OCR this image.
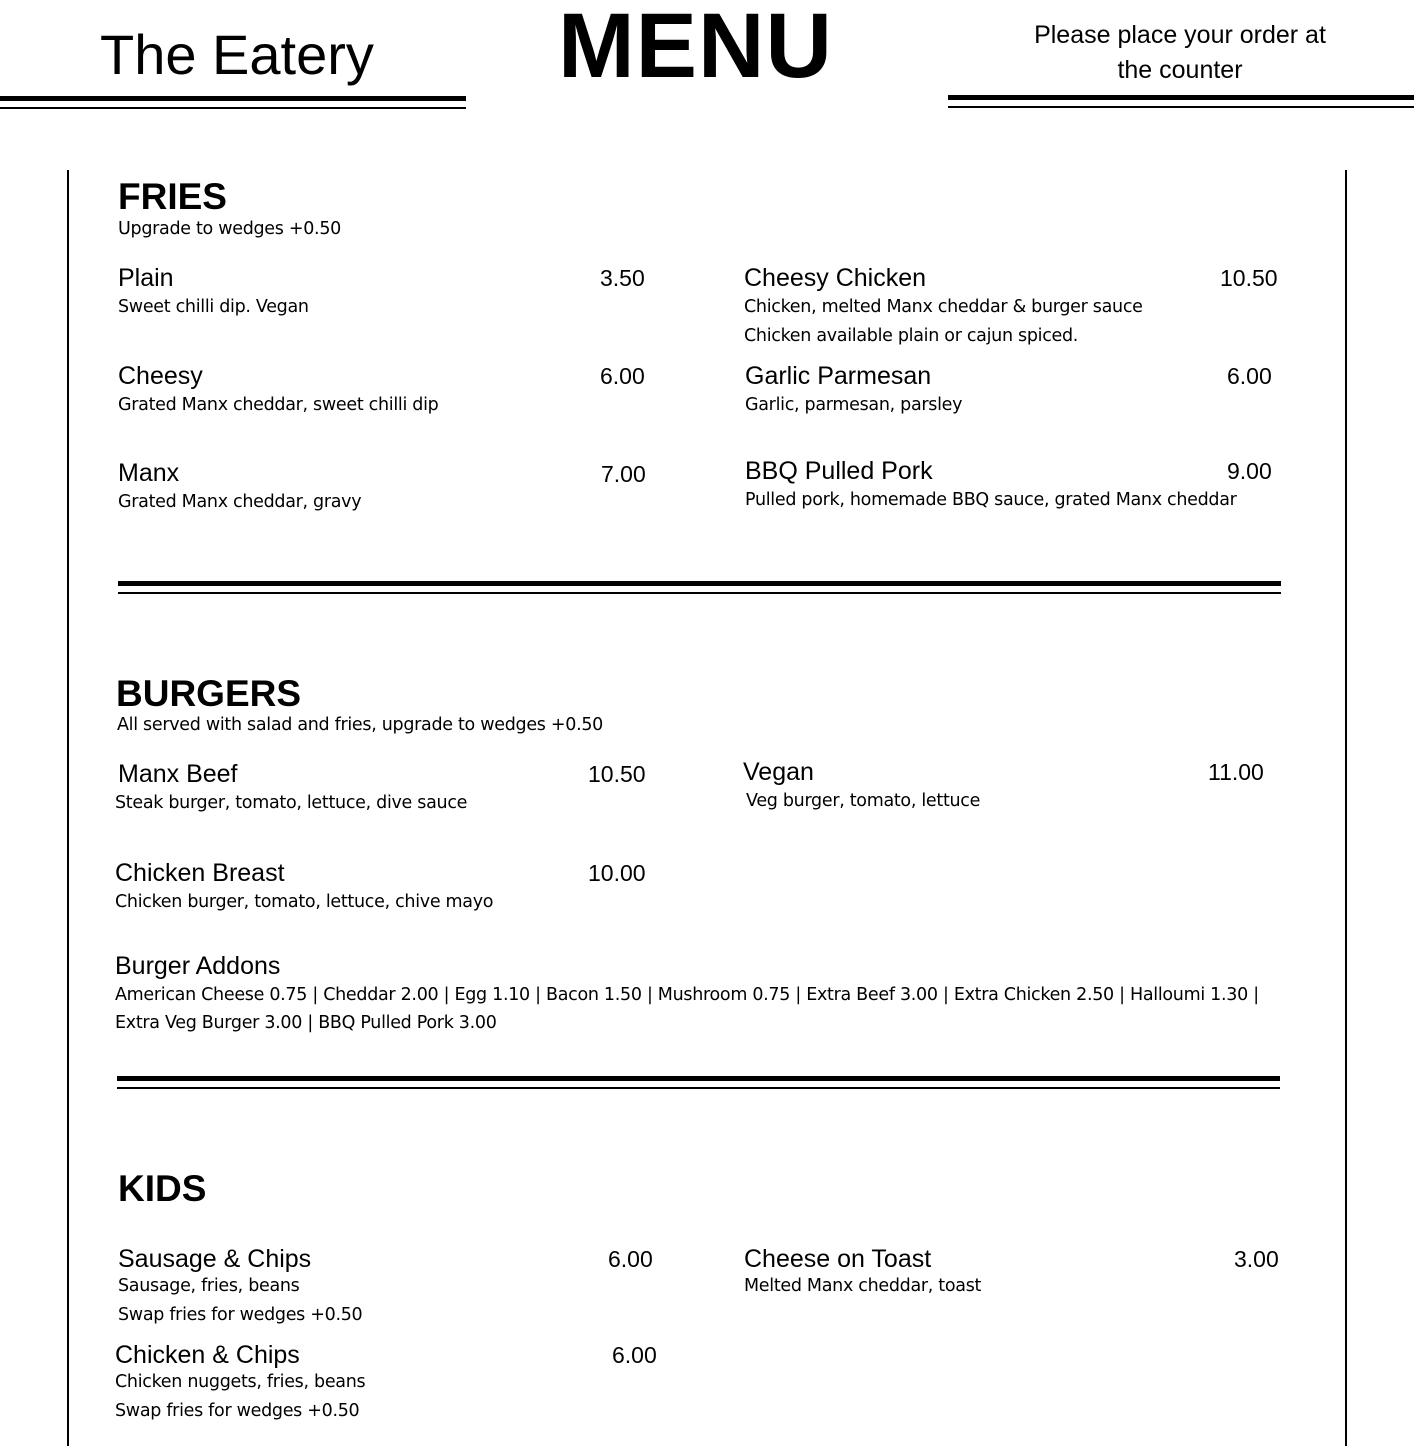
The Eatery MENU	Please place your order at
the counter
FRIES
Upgrade to wedges +0.50
Plain	3.50
Sweet chilli dip. Vegan
Cheesy	6.00
Grated Manx cheddar, sweet chilli dip
Manx	7.00
Grated Manx cheddar, gravy
Cheesy Chicken	10.50
Chicken, melted Manx cheddar & burger sauce
Chicken available plain or cajun spiced.
Garlic Parmesan	6.00
Garlic, parmesan, parsley
BBQ Pulled Pork	9.00
Pulled pork, homemade BBQ sauce, grated Manx cheddar
BURGERS
All served with salad and fries, upgrade to wedges +0.50
Manx Beef	10.50
Steak burger, tomato, lettuce, dive sauce
Chicken Breast	10.00
Chicken burger, tomato, lettuce, chive mayo
Vegan	11.00
Veg burger, tomato, lettuce
Burger Addons
American Cheese 0.75 | Cheddar 2.00 | Egg 1.10 | Bacon 1.50 | Mushroom 0.75 | Extra Beef 3.00 | Extra Chicken 2.50 | Halloumi 1.30 |
Extra Veg Burger 3.00 | BBQ Pulled Pork 3.00
KIDS
Sausage & Chips	6.00
Sausage, fries, beans
Swap fries for wedges +0.50
Chicken & Chips	6.00
Chicken nuggets, fries, beans
Swap fries for wedges +0.50
Cheese on Toast	3.00
Melted Manx cheddar, toast
